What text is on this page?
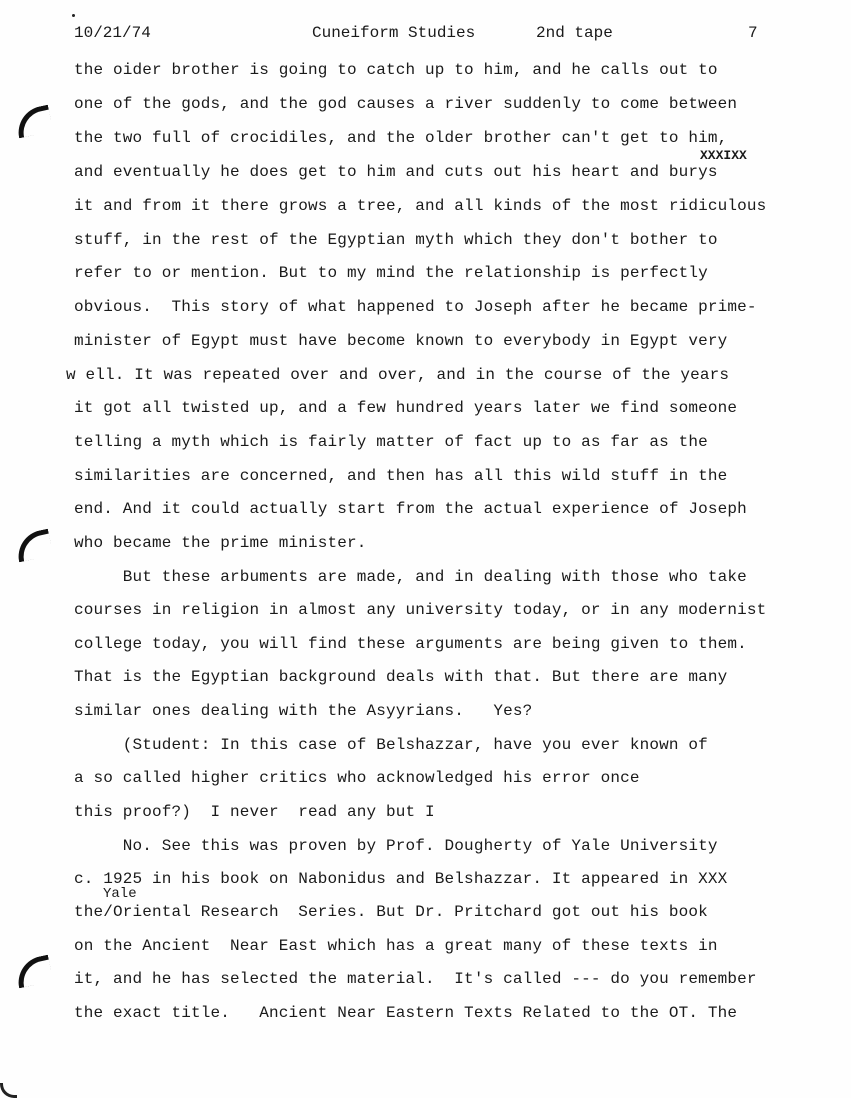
10/21/74	Cuneiform Studies	2nd tape	7
the oider brother is going to catch up to him, and he calls out to
one of the gods, and the god causes a river suddenly to come between
the two full of crocidiles, and the older brother can't get to him,
XXXIXX
and eventually he does get to him and cuts out his heart and burys
it and from it there grows a tree, and all kinds of the most ridiculous
stuff, in the rest of the Egyptian myth which they don't bother to
refer to or mention. But to my mind the relationship is perfectly
obvious.  This story of what happened to Joseph after he became prime-
minister of Egypt must have become known to everybody in Egypt very
w ell. It was repeated over and over, and in the course of the years
it got all twisted up, and a few hundred years later we find someone
telling a myth which is fairly matter of fact up to as far as the
similarities are concerned, and then has all this wild stuff in the
end. And it could actually start from the actual experience of Joseph
who became the prime minister.
But these arbuments are made, and in dealing with those who take
courses in religion in almost any university today, or in any modernist
college today, you will find these arguments are being given to them.
That is the Egyptian background deals with that. But there are many
similar ones dealing with the Asyyrians.   Yes?
(Student: In this case of Belshazzar, have you ever known of
a so called higher critics who acknowledged his error once
this proof?)  I never  read any but I
No. See this was proven by Prof. Dougherty of Yale University
c. 1925 in his book on Nabonidus and Belshazzar. It appeared in XXX
Yale
the/Oriental Research  Series. But Dr. Pritchard got out his book
on the Ancient  Near East which has a great many of these texts in
it, and he has selected the material.  It's called --- do you remember
the exact title.   Ancient Near Eastern Texts Related to the OT. The
